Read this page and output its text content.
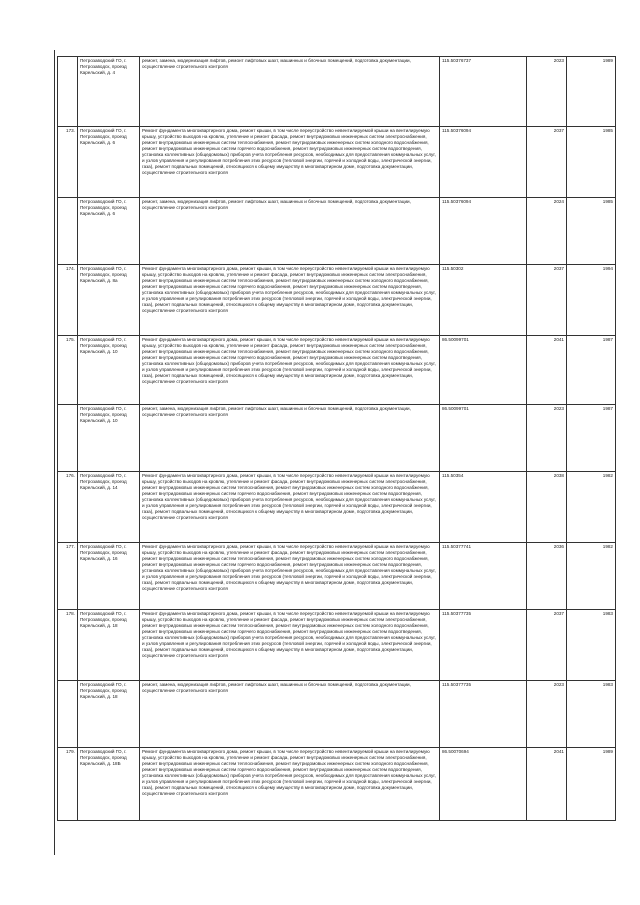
	Петрозаводский ГО, г. Петрозаводск, проезд Карельский, д. 4	ремонт, замена, модернизация лифтов, ремонт лифтовых шахт, машинных и блочных помещений, подготовка документации, осуществление строительного контроля	115.50376737	2023	1989
173.	Петрозаводский ГО, г. Петрозаводск, проезд Карельский, д. 6	Ремонт фундамента многоквартирного дома, ремонт крыши, в том числе переустройство невентилируемой крыши на вентилируемую крышу, устройство выходов на кровлю, утепление и ремонт фасада, ремонт внутридомовых инженерных систем электроснабжения, ремонт внутридомовых инженерных систем теплоснабжения, ремонт внутридомовых инженерных систем холодного водоснабжения, ремонт внутридомовых инженерных систем горячего водоснабжения, ремонт внутридомовых инженерных систем водоотведения, установка коллективных (общедомовых) приборов учета потребления ресурсов, необходимых для предоставления коммунальных услуг, и узлов управления и регулирования потребления этих ресурсов (тепловой энергии, горячей и холодной воды, электрической энергии, газа), ремонт подвальных помещений, относящихся к общему имуществу в многоквартирном доме, подготовка документации, осуществление строительного контроля	115.50376094	2037	1985
	Петрозаводский ГО, г. Петрозаводск, проезд Карельский, д. 6	ремонт, замена, модернизация лифтов, ремонт лифтовых шахт, машинных и блочных помещений, подготовка документации, осуществление строительного контроля	115.50376094	2024	1985
174.	Петрозаводский ГО, г. Петрозаводск, проезд Карельский, д. 8а	Ремонт фундамента многоквартирного дома, ремонт крыши, в том числе переустройство невентилируемой крыши на вентилируемую крышу, устройство выходов на кровлю, утепление и ремонт фасада, ремонт внутридомовых инженерных систем электроснабжения, ремонт внутридомовых инженерных систем теплоснабжения, ремонт внутридомовых инженерных систем холодного водоснабжения, ремонт внутридомовых инженерных систем горячего водоснабжения, ремонт внутридомовых инженерных систем водоотведения, установка коллективных (общедомовых) приборов учета потребления ресурсов, необходимых для предоставления коммунальных услуг, и узлов управления и регулирования потребления этих ресурсов (тепловой энергии, горячей и холодной воды, электрической энергии, газа), ремонт подвальных помещений, относящихся к общему имуществу в многоквартирном доме, подготовка документации, осуществление строительного контроля	115.50302	2037	1994
175.	Петрозаводский ГО, г. Петрозаводск, проезд Карельский, д. 10	Ремонт фундамента многоквартирного дома, ремонт крыши, в том числе переустройство невентилируемой крыши на вентилируемую крышу, устройство выходов на кровлю, утепление и ремонт фасада, ремонт внутридомовых инженерных систем электроснабжения, ремонт внутридомовых инженерных систем теплоснабжения, ремонт внутридомовых инженерных систем холодного водоснабжения, ремонт внутридомовых инженерных систем горячего водоснабжения, ремонт внутридомовых инженерных систем водоотведения, установка коллективных (общедомовых) приборов учета потребления ресурсов, необходимых для предоставления коммунальных услуг, и узлов управления и регулирования потребления этих ресурсов (тепловой энергии, горячей и холодной воды, электрической энергии, газа), ремонт подвальных помещений, относящихся к общему имуществу в многоквартирном доме, подготовка документации, осуществление строительного контроля	86.50099701	2041	1987
	Петрозаводский ГО, г. Петрозаводск, проезд Карельский, д. 10	ремонт, замена, модернизация лифтов, ремонт лифтовых шахт, машинных и блочных помещений, подготовка документации, осуществление строительного контроля	86.50099701	2023	1987
176.	Петрозаводский ГО, г. Петрозаводск, проезд Карельский, д. 14	Ремонт фундамента многоквартирного дома, ремонт крыши, в том числе переустройство невентилируемой крыши на вентилируемую крышу, устройство выходов на кровлю, утепление и ремонт фасада, ремонт внутридомовых инженерных систем электроснабжения, ремонт внутридомовых инженерных систем теплоснабжения, ремонт внутридомовых инженерных систем холодного водоснабжения, ремонт внутридомовых инженерных систем горячего водоснабжения, ремонт внутридомовых инженерных систем водоотведения, установка коллективных (общедомовых) приборов учета потребления ресурсов, необходимых для предоставления коммунальных услуг, и узлов управления и регулирования потребления этих ресурсов (тепловой энергии, горячей и холодной воды, электрической энергии, газа), ремонт подвальных помещений, относящихся к общему имуществу в многоквартирном доме, подготовка документации, осуществление строительного контроля	115.50354	2038	1982
177.	Петрозаводский ГО, г. Петрозаводск, проезд Карельский, д. 16	Ремонт фундамента многоквартирного дома, ремонт крыши, в том числе переустройство невентилируемой крыши на вентилируемую крышу, устройство выходов на кровлю, утепление и ремонт фасада, ремонт внутридомовых инженерных систем электроснабжения, ремонт внутридомовых инженерных систем теплоснабжения, ремонт внутридомовых инженерных систем холодного водоснабжения, ремонт внутридомовых инженерных систем горячего водоснабжения, ремонт внутридомовых инженерных систем водоотведения, установка коллективных (общедомовых) приборов учета потребления ресурсов, необходимых для предоставления коммунальных услуг, и узлов управления и регулирования потребления этих ресурсов (тепловой энергии, горячей и холодной воды, электрической энергии, газа), ремонт подвальных помещений, относящихся к общему имуществу в многоквартирном доме, подготовка документации, осуществление строительного контроля	115.50377741	2036	1982
178.	Петрозаводский ГО, г. Петрозаводск, проезд Карельский, д. 18	Ремонт фундамента многоквартирного дома, ремонт крыши, в том числе переустройство невентилируемой крыши на вентилируемую крышу, устройство выходов на кровлю, утепление и ремонт фасада, ремонт внутридомовых инженерных систем электроснабжения, ремонт внутридомовых инженерных систем теплоснабжения, ремонт внутридомовых инженерных систем холодного водоснабжения, ремонт внутридомовых инженерных систем горячего водоснабжения, ремонт внутридомовых инженерных систем водоотведения, установка коллективных (общедомовых) приборов учета потребления ресурсов, необходимых для предоставления коммунальных услуг, и узлов управления и регулирования потребления этих ресурсов (тепловой энергии, горячей и холодной воды, электрической энергии, газа), ремонт подвальных помещений, относящихся к общему имуществу в многоквартирном доме, подготовка документации, осуществление строительного контроля	115.50377735	2037	1983
	Петрозаводский ГО, г. Петрозаводск, проезд Карельский, д. 18	ремонт, замена, модернизация лифтов, ремонт лифтовых шахт, машинных и блочных помещений, подготовка документации, осуществление строительного контроля	115.50377735	2023	1983
179.	Петрозаводский ГО, г. Петрозаводск, проезд Карельский, д. 18Б	Ремонт фундамента многоквартирного дома, ремонт крыши, в том числе переустройство невентилируемой крыши на вентилируемую крышу, устройство выходов на кровлю, утепление и ремонт фасада, ремонт внутридомовых инженерных систем электроснабжения, ремонт внутридомовых инженерных систем теплоснабжения, ремонт внутридомовых инженерных систем холодного водоснабжения, ремонт внутридомовых инженерных систем горячего водоснабжения, ремонт внутридомовых инженерных систем водоотведения, установка коллективных (общедомовых) приборов учета потребления ресурсов, необходимых для предоставления коммунальных услуг, и узлов управления и регулирования потребления этих ресурсов (тепловой энергии, горячей и холодной воды, электрической энергии, газа), ремонт подвальных помещений, относящихся к общему имуществу в многоквартирном доме, подготовка документации, осуществление строительного контроля	86.50070694	2041	1989
